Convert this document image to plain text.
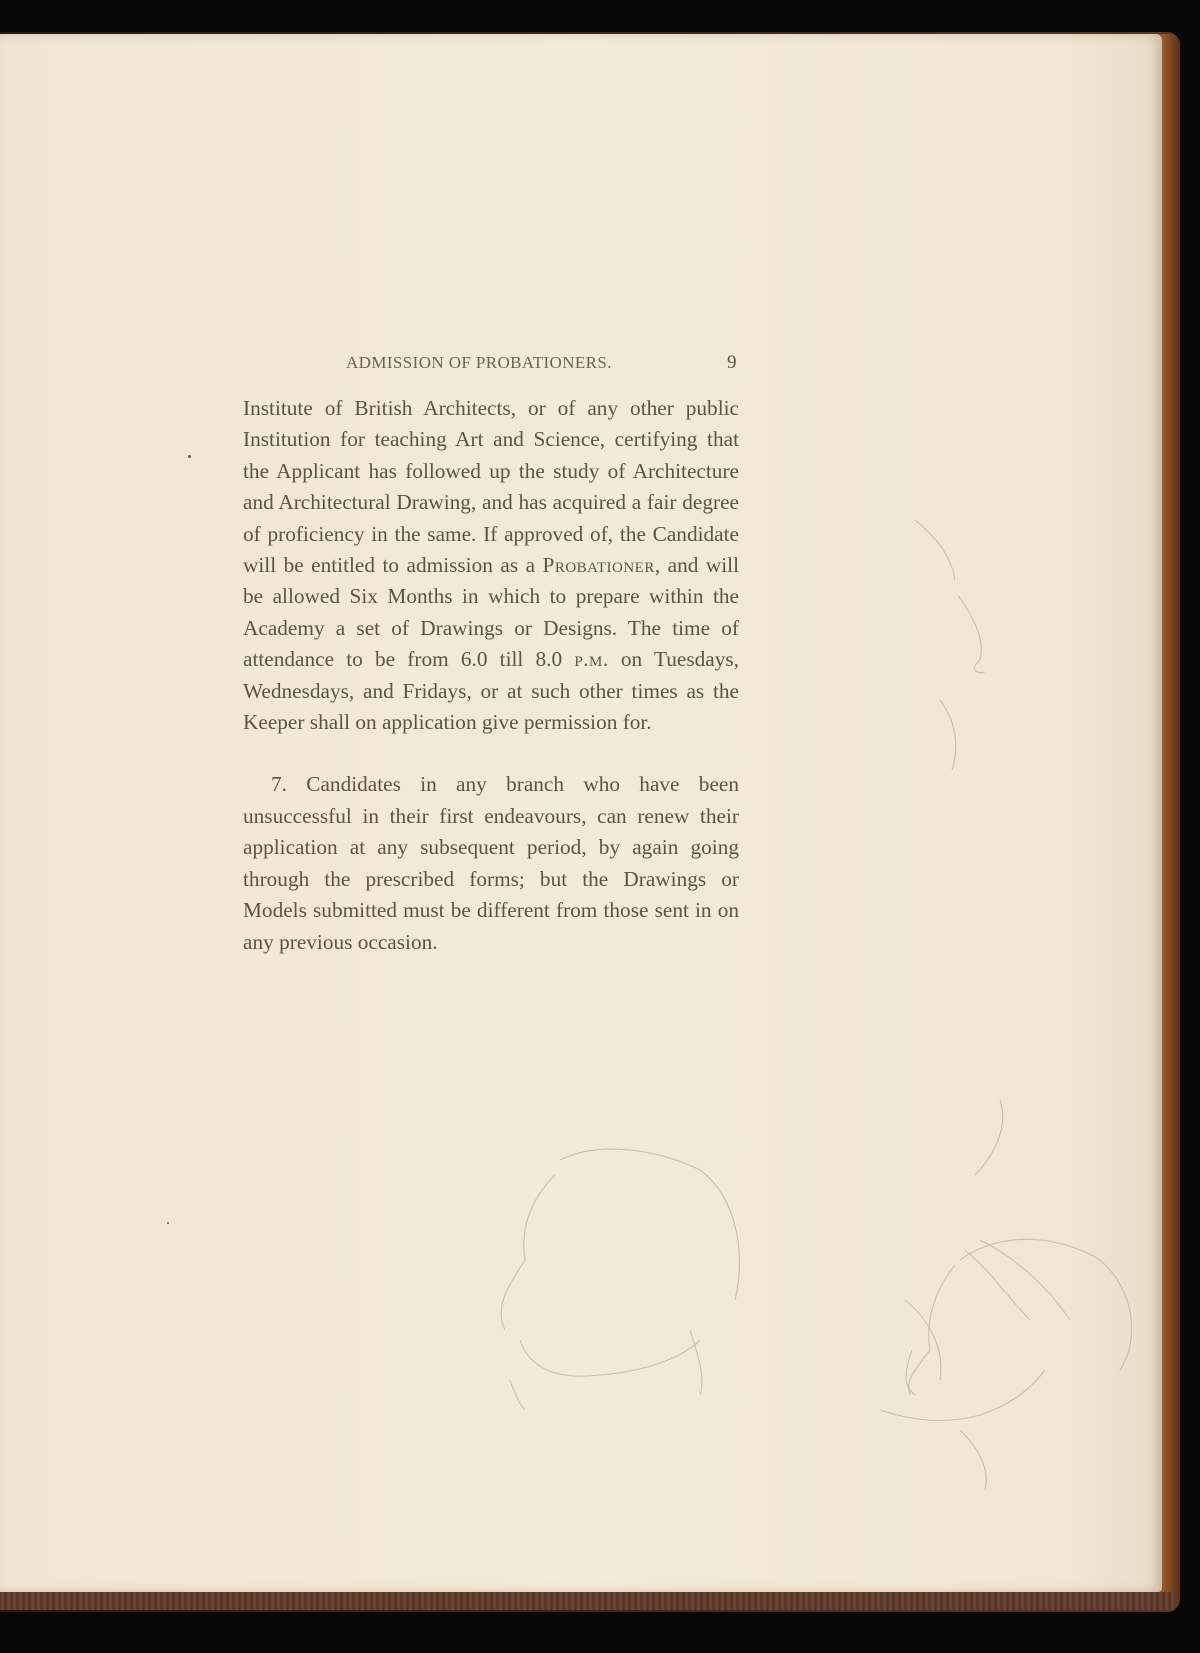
ADMISSION OF PROBATIONERS.	9

Institute of British Architects, or of any other public Institution for teaching Art and Science, certifying that the Applicant has followed up the study of Architecture and Architectural Drawing, and has acquired a fair degree of proficiency in the same. If approved of, the Candidate will be entitled to admission as a Probationer, and will be allowed Six Months in which to prepare within the Academy a set of Drawings or Designs. The time of attendance to be from 6.0 till 8.0 p.m. on Tuesdays, Wednesdays, and Fridays, or at such other times as the Keeper shall on application give permission for.

7. Candidates in any branch who have been unsuccessful in their first endeavours, can renew their application at any subsequent period, by again going through the prescribed forms; but the Drawings or Models submitted must be different from those sent in on any previous occasion.
